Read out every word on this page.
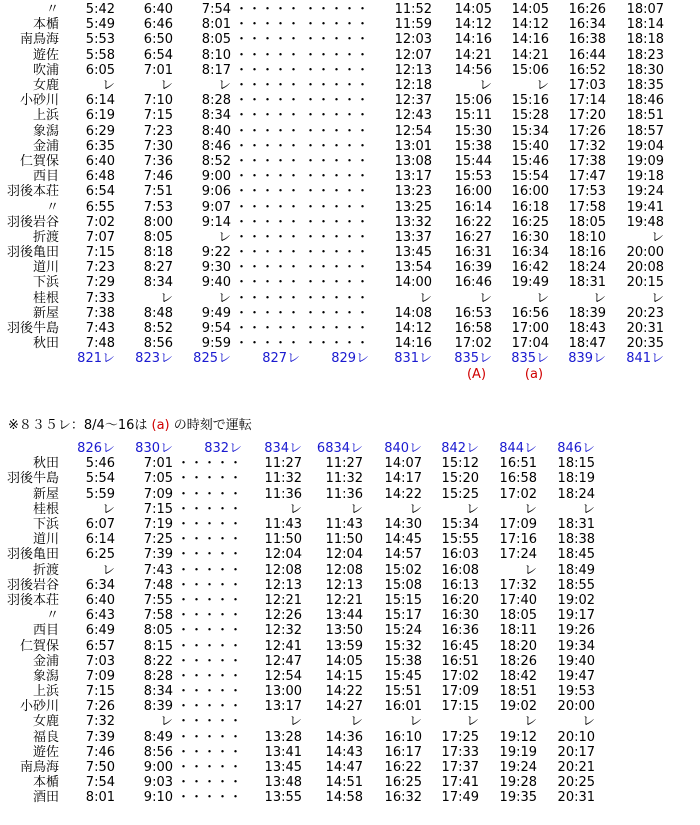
〃	5:42	6:40	7:54	・・・・・	・・・・・	11:52	14:05	14:05	16:26	18:07
本楯	5:49	6:46	8:01	・・・・・	・・・・・	11:59	14:12	14:12	16:34	18:14
南鳥海	5:53	6:50	8:05	・・・・・	・・・・・	12:03	14:16	14:16	16:38	18:18
遊佐	5:58	6:54	8:10	・・・・・	・・・・・	12:07	14:21	14:21	16:44	18:23
吹浦	6:05	7:01	8:17	・・・・・	・・・・・	12:13	14:56	15:06	16:52	18:30
女鹿	レ	レ	レ	・・・・・	・・・・・	12:18	レ	レ	17:03	18:35
小砂川	6:14	7:10	8:28	・・・・・	・・・・・	12:37	15:06	15:16	17:14	18:46
上浜	6:19	7:15	8:34	・・・・・	・・・・・	12:43	15:11	15:28	17:20	18:51
象潟	6:29	7:23	8:40	・・・・・	・・・・・	12:54	15:30	15:34	17:26	18:57
金浦	6:35	7:30	8:46	・・・・・	・・・・・	13:01	15:38	15:40	17:32	19:04
仁賀保	6:40	7:36	8:52	・・・・・	・・・・・	13:08	15:44	15:46	17:38	19:09
西目	6:48	7:46	9:00	・・・・・	・・・・・	13:17	15:53	15:54	17:47	19:18
羽後本荘	6:54	7:51	9:06	・・・・・	・・・・・	13:23	16:00	16:00	17:53	19:24
〃	6:55	7:53	9:07	・・・・・	・・・・・	13:25	16:14	16:18	17:58	19:41
羽後岩谷	7:02	8:00	9:14	・・・・・	・・・・・	13:32	16:22	16:25	18:05	19:48
折渡	7:07	8:05	レ	・・・・・	・・・・・	13:37	16:27	16:30	18:10	レ
羽後亀田	7:15	8:18	9:22	・・・・・	・・・・・	13:45	16:31	16:34	18:16	20:00
道川	7:23	8:27	9:30	・・・・・	・・・・・	13:54	16:39	16:42	18:24	20:08
下浜	7:29	8:34	9:40	・・・・・	・・・・・	14:00	16:46	19:49	18:31	20:15
桂根	7:33	レ	レ	・・・・・	・・・・・	レ	レ	レ	レ	レ
新屋	7:38	8:48	9:49	・・・・・	・・・・・	14:08	16:53	16:56	18:39	20:23
羽後牛島	7:43	8:52	9:54	・・・・・	・・・・・	14:12	16:58	17:00	18:43	20:31
秋田	7:48	8:56	9:59	・・・・・	・・・・・	14:16	17:02	17:04	18:47	20:35
	821レ	823レ	825レ	827レ	829レ	831レ	835レ	835レ	839レ	841レ
							(A)	(a)		
※８３５レ：8/4～16は (a) の時刻で運転
	826レ	830レ	832レ	834レ	6834レ	840レ	842レ	844レ	846レ
秋田	5:46	7:01	・・・・・	11:27	11:27	14:07	15:12	16:51	18:15
羽後牛島	5:54	7:05	・・・・・	11:32	11:32	14:17	15:20	16:58	18:19
新屋	5:59	7:09	・・・・・	11:36	11:36	14:22	15:25	17:02	18:24
桂根	レ	7:15	・・・・・	レ	レ	レ	レ	レ	レ
下浜	6:07	7:19	・・・・・	11:43	11:43	14:30	15:34	17:09	18:31
道川	6:14	7:25	・・・・・	11:50	11:50	14:45	15:55	17:16	18:38
羽後亀田	6:25	7:39	・・・・・	12:04	12:04	14:57	16:03	17:24	18:45
折渡	レ	7:43	・・・・・	12:08	12:08	15:02	16:08	レ	18:49
羽後岩谷	6:34	7:48	・・・・・	12:13	12:13	15:08	16:13	17:32	18:55
羽後本荘	6:40	7:55	・・・・・	12:21	12:21	15:15	16:20	17:40	19:02
〃	6:43	7:58	・・・・・	12:26	13:44	15:17	16:30	18:05	19:17
西目	6:49	8:05	・・・・・	12:32	13:50	15:24	16:36	18:11	19:26
仁賀保	6:57	8:15	・・・・・	12:41	13:59	15:32	16:45	18:20	19:34
金浦	7:03	8:22	・・・・・	12:47	14:05	15:38	16:51	18:26	19:40
象潟	7:09	8:28	・・・・・	12:54	14:15	15:45	17:02	18:42	19:47
上浜	7:15	8:34	・・・・・	13:00	14:22	15:51	17:09	18:51	19:53
小砂川	7:26	8:39	・・・・・	13:17	14:27	16:01	17:15	19:02	20:00
女鹿	7:32	レ	・・・・・	レ	レ	レ	レ	レ	レ
福良	7:39	8:49	・・・・・	13:28	14:36	16:10	17:25	19:12	20:10
遊佐	7:46	8:56	・・・・・	13:41	14:43	16:17	17:33	19:19	20:17
南鳥海	7:50	9:00	・・・・・	13:45	14:47	16:22	17:37	19:24	20:21
本楯	7:54	9:03	・・・・・	13:48	14:51	16:25	17:41	19:28	20:25
酒田	8:01	9:10	・・・・・	13:55	14:58	16:32	17:49	19:35	20:31
